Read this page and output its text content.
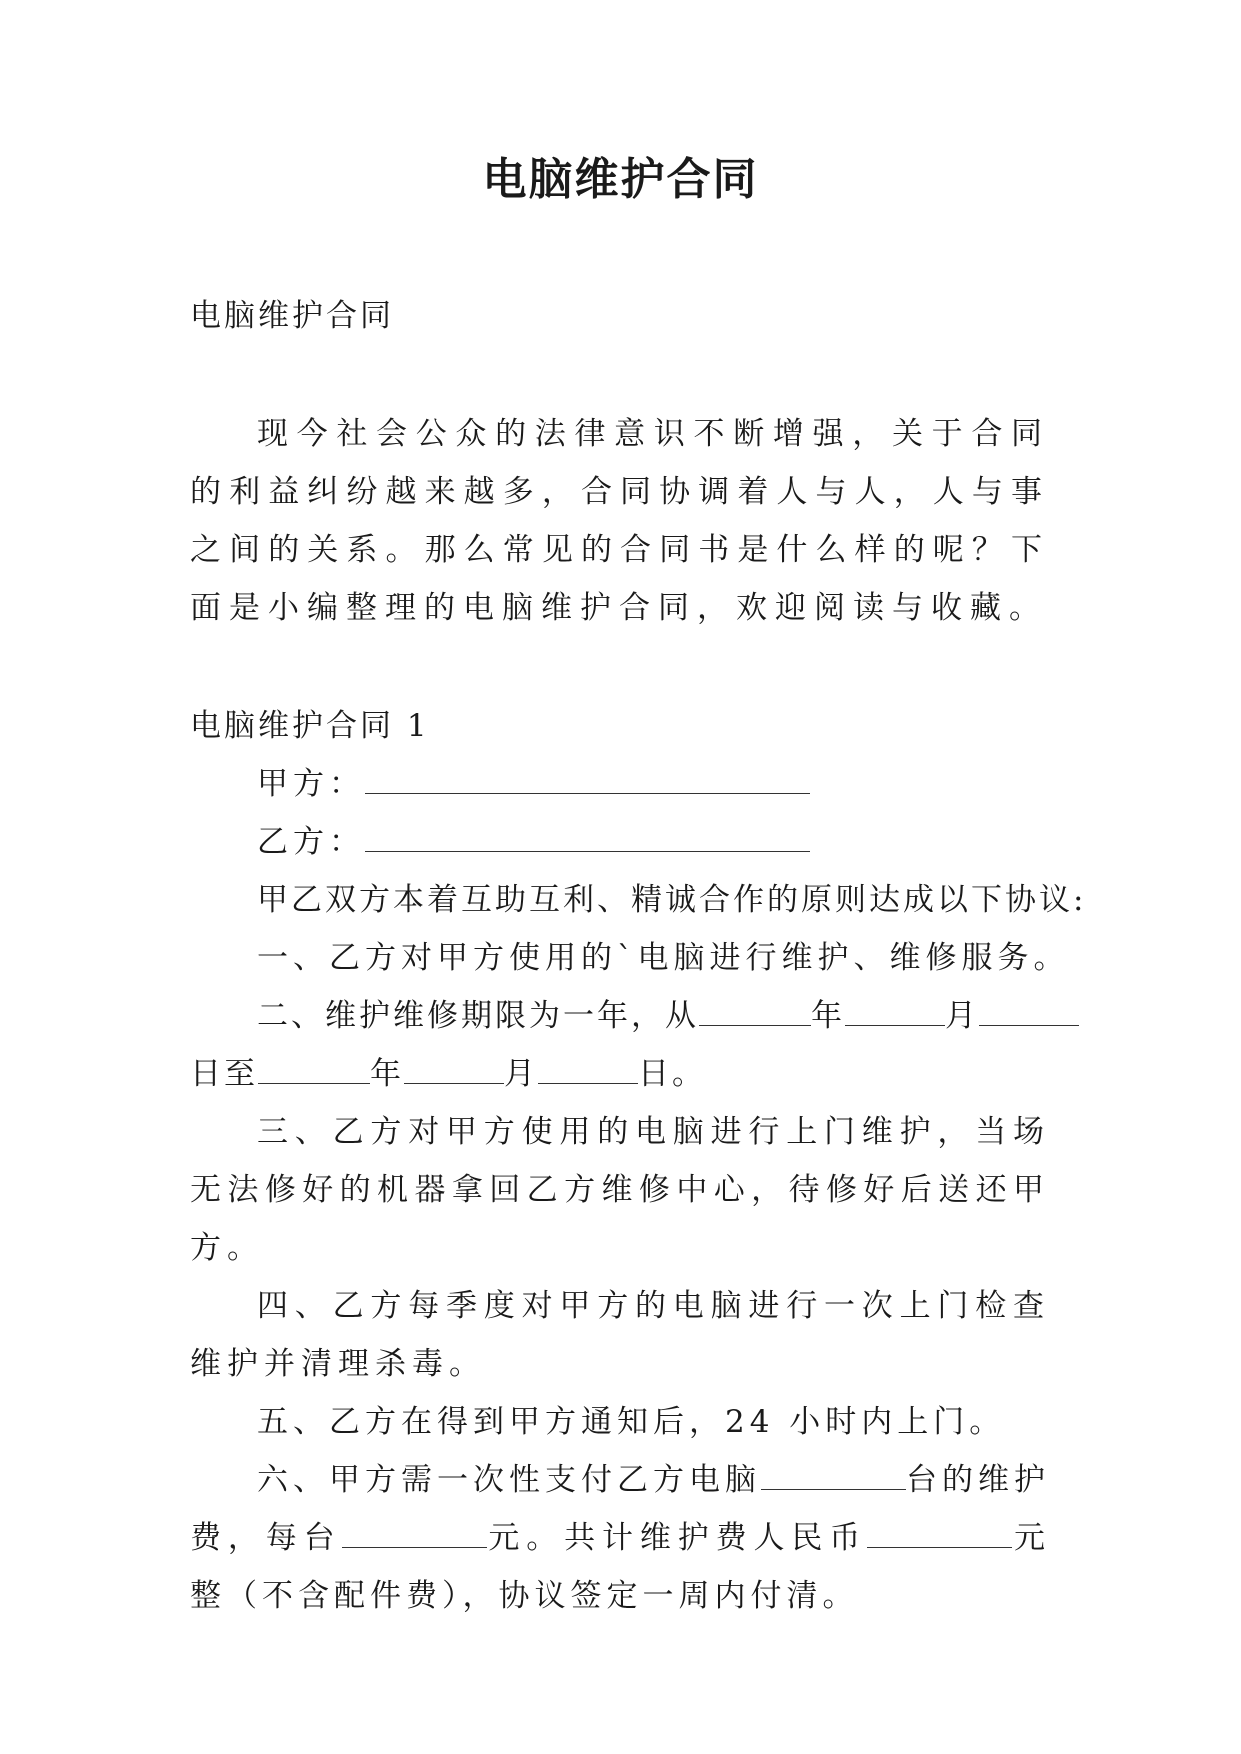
电脑维护合同
电脑维护合同

现今社会公众的法律意识不断增强，关于合同的利益纠纷越来越多，合同协调着人与人，人与事之间的关系。那么常见的合同书是什么样的呢？下面是小编整理的电脑维护合同，欢迎阅读与收藏。

电脑维护合同 1

甲方：

乙方：

甲乙双方本着互助互利、精诚合作的原则达成以下协议:

一、乙方对甲方使用的`电脑进行维护、维修服务。

二、维护维修期限为一年，从	年	月

日至	年	月	日。

三、乙方对甲方使用的电脑进行上门维护，当场无法修好的机器拿回乙方维修中心，待修好后送还甲方。

四、乙方每季度对甲方的电脑进行一次上门检查维护并清理杀毒。

五、乙方在得到甲方通知后，24 小时内上门。

六、甲方需一次性支付乙方电脑	台的维护费，每台	元。共计维护费人民币	元整（不含配件费），协议签定一周内付清。
